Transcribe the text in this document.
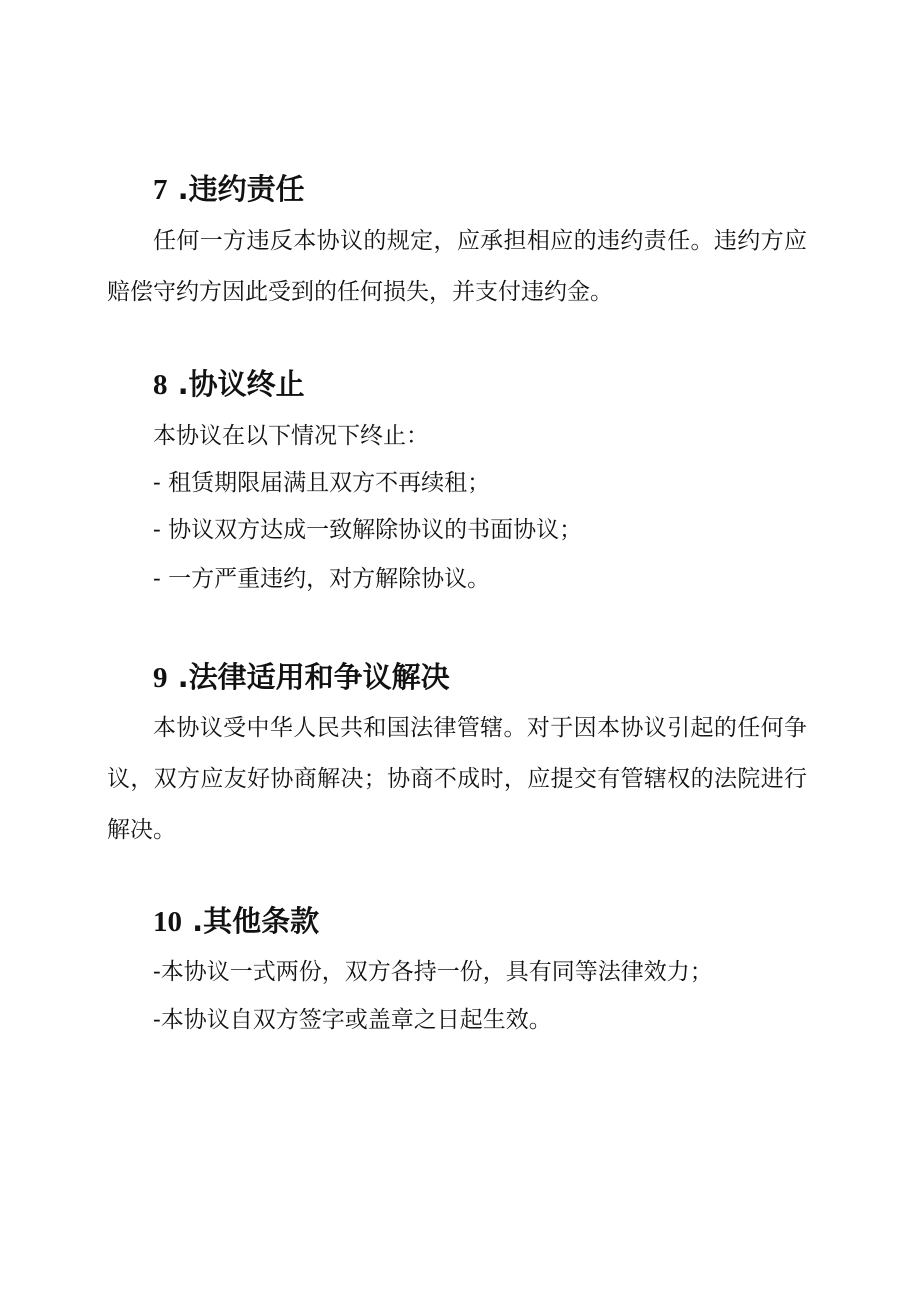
7 .违约责任

任何一方违反本协议的规定，应承担相应的违约责任。违约方应赔偿守约方因此受到的任何损失，并支付违约金。

8 .协议终止

本协议在以下情况下终止：

- 租赁期限届满且双方不再续租；

- 协议双方达成一致解除协议的书面协议；

- 一方严重违约，对方解除协议。

9 .法律适用和争议解决

本协议受中华人民共和国法律管辖。对于因本协议引起的任何争议，双方应友好协商解决；协商不成时，应提交有管辖权的法院进行解决。

10 .其他条款

-本协议一式两份，双方各持一份，具有同等法律效力；

-本协议自双方签字或盖章之日起生效。
